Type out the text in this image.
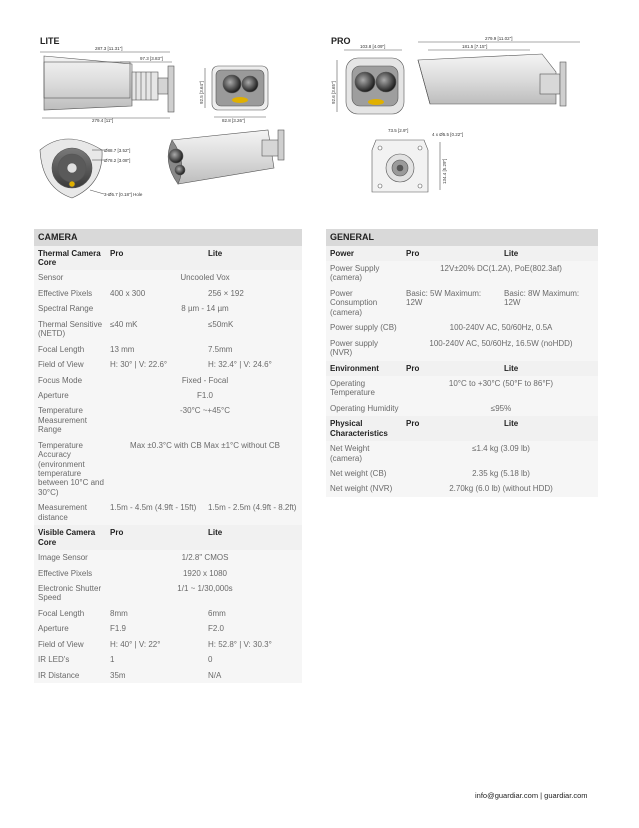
LITE	PRO
287.3 [11.31"]
97.3 [3.83"]
279.4 [11"]
92.5 [3.64"]
82.8 [3.26"]
Ø88.7 [3.52"]
Ø78.2 [3.08"]
3-Ø5.7 [0.18"] Hole
103.8 [4.09"]
92.6 [3.65"]
279.9 [11.02"]
181.5 [7.15"]
73.5 [2.9"]
4 x Ø5.5 [0.22"]
134.4 [5.29"]
CAMERA		
Thermal Camera Core	Pro	Lite
Sensor	Uncooled Vox	
Effective Pixels	400 x 300	256 × 192
Spectral Range	8 µm - 14 µm	
Thermal Sensitive (NETD)	≤40 mK	≤50mK
Focal Length	13 mm	7.5mm
Field of View	H: 30° | V: 22.6°	H: 32.4° | V: 24.6°
Focus Mode	Fixed - Focal	
Aperture	F1.0	
Temperature Measurement Range	-30°C ~+45°C	
Temperature Accuracy (environment temperature between 10°C and 30°C)	Max ±0.3°C with CB Max ±1°C without CB	
Measurement distance	1.5m - 4.5m (4.9ft - 15ft)	1.5m - 2.5m (4.9ft - 8.2ft)
Visible Camera Core	Pro	Lite
Image Sensor	1/2.8" CMOS	
Effective Pixels	1920 x 1080	
Electronic Shutter Speed	1/1 ~ 1/30,000s	
Focal Length	8mm	6mm
Aperture	F1.9	F2.0
Field of View	H: 40° | V: 22°	H: 52.8° | V: 30.3°
IR LED's	1	0
IR Distance	35m	N/A
GENERAL		
Power	Pro	Lite
Power Supply (camera)	12V±20% DC(1.2A), PoE(802.3af)	
Power Consumption (camera)	Basic: 5W Maximum: 12W	Basic: 8W Maximum: 12W
Power supply (CB)	100-240V AC, 50/60Hz, 0.5A	
Power supply (NVR)	100-240V AC, 50/60Hz, 16.5W (noHDD)	
Environment	Pro	Lite
Operating Temperature	10°C to +30°C (50°F to 86°F)	
Operating Humidity	≤95%	
Physical Characteristics	Pro	Lite
Net Weight (camera)	≤1.4 kg (3.09 lb)	
Net weight (CB)	2.35 kg (5.18 lb)	
Net weight (NVR)	2.70kg (6.0 lb) (without HDD)	
info@guardiar.com | guardiar.com
